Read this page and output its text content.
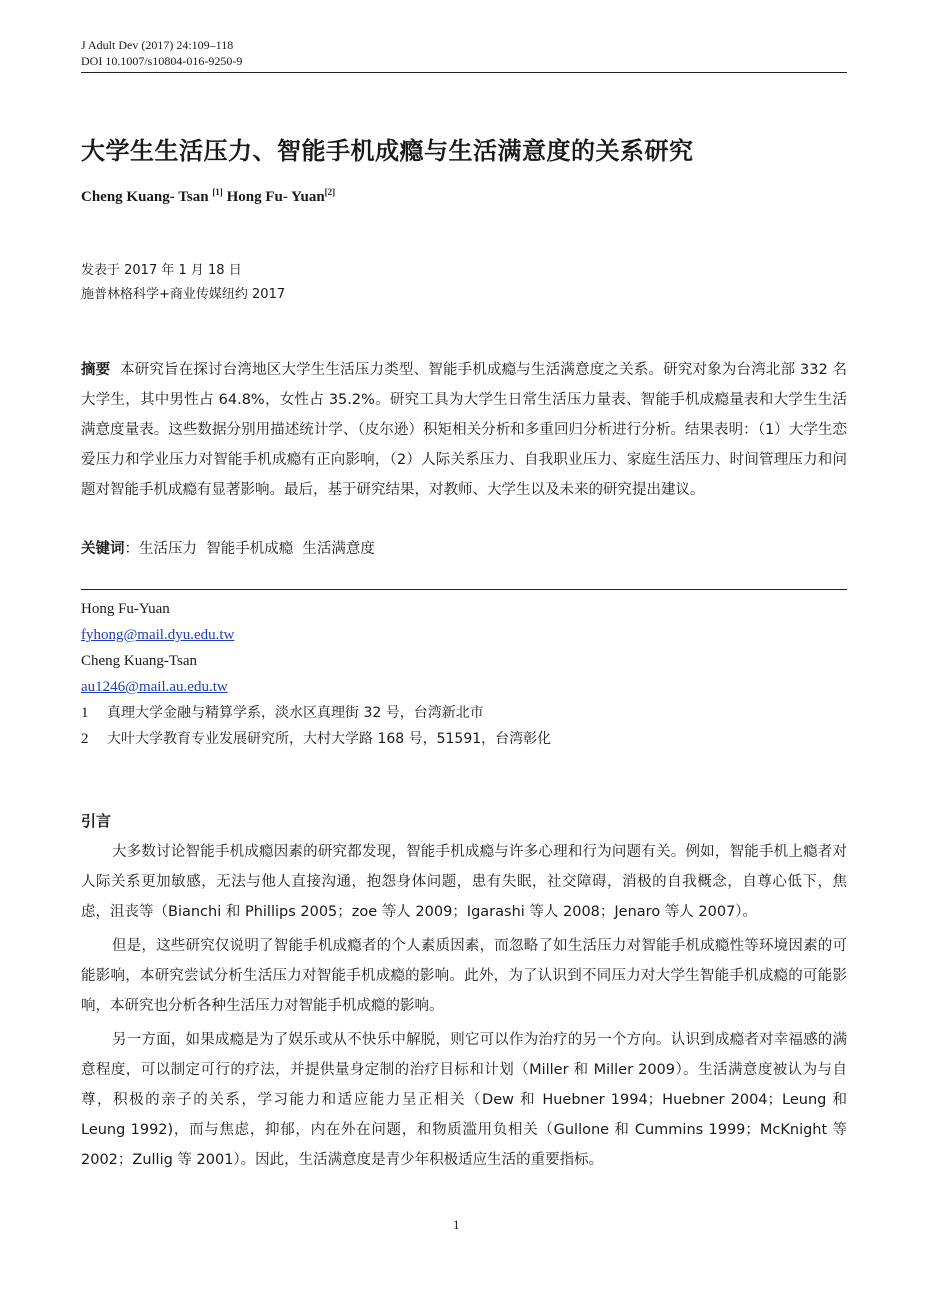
J Adult Dev (2017) 24:109–118
DOI 10.1007/s10804-016-9250-9
大学生生活压力、智能手机成瘾与生活满意度的关系研究
Cheng Kuang- Tsan [1] Hong Fu- Yuan[2]
发表于 2017 年 1 月 18 日
施普林格科学+商业传媒纽约 2017
摘要 本研究旨在探讨台湾地区大学生生活压力类型、智能手机成瘾与生活满意度之关系。研究对象为台湾北部 332 名大学生，其中男性占 64.8%，女性占 35.2%。研究工具为大学生日常生活压力量表、智能手机成瘾量表和大学生生活满意度量表。这些数据分别用描述统计学、（皮尔逊）积矩相关分析和多重回归分析进行分析。结果表明：（1）大学生恋爱压力和学业压力对智能手机成瘾有正向影响，（2）人际关系压力、自我职业压力、家庭生活压力、时间管理压力和问题对智能手机成瘾有显著影响。最后，基于研究结果，对教师、大学生以及未来的研究提出建议。
关键词：生活压力  智能手机成瘾  生活满意度
Hong Fu-Yuan
fyhong@mail.dyu.edu.tw
Cheng Kuang-Tsan
au1246@mail.au.edu.tw
1 真理大学金融与精算学系，淡水区真理街 32 号，台湾新北市
2 大叶大学教育专业发展研究所，大村大学路 168 号，51591，台湾彰化
引言

大多数讨论智能手机成瘾因素的研究都发现，智能手机成瘾与许多心理和行为问题有关。例如，智能手机上瘾者对人际关系更加敏感，无法与他人直接沟通，抱怨身体问题，患有失眠，社交障碍，消极的自我概念，自尊心低下，焦虑，沮丧等（Bianchi 和 Phillips 2005；zoe 等人 2009；Igarashi 等人 2008；Jenaro 等人 2007）。

但是，这些研究仅说明了智能手机成瘾者的个人素质因素，而忽略了如生活压力对智能手机成瘾性等环境因素的可能影响，本研究尝试分析生活压力对智能手机成瘾的影响。此外，为了认识到不同压力对大学生智能手机成瘾的可能影响，本研究也分析各种生活压力对智能手机成瘾的影响。

另一方面，如果成瘾是为了娱乐或从不快乐中解脱，则它可以作为治疗的另一个方向。认识到成瘾者对幸福感的满意程度，可以制定可行的疗法，并提供量身定制的治疗目标和计划（Miller 和 Miller 2009）。生活满意度被认为与自尊，积极的亲子的关系，学习能力和适应能力呈正相关（Dew 和 Huebner 1994；Huebner 2004；Leung 和 Leung 1992)，而与焦虑，抑郁，内在外在问题，和物质滥用负相关（Gullone 和 Cummins 1999；McKnight 等 2002；Zullig 等 2001）。因此，生活满意度是青少年积极适应生活的重要指标。

1
